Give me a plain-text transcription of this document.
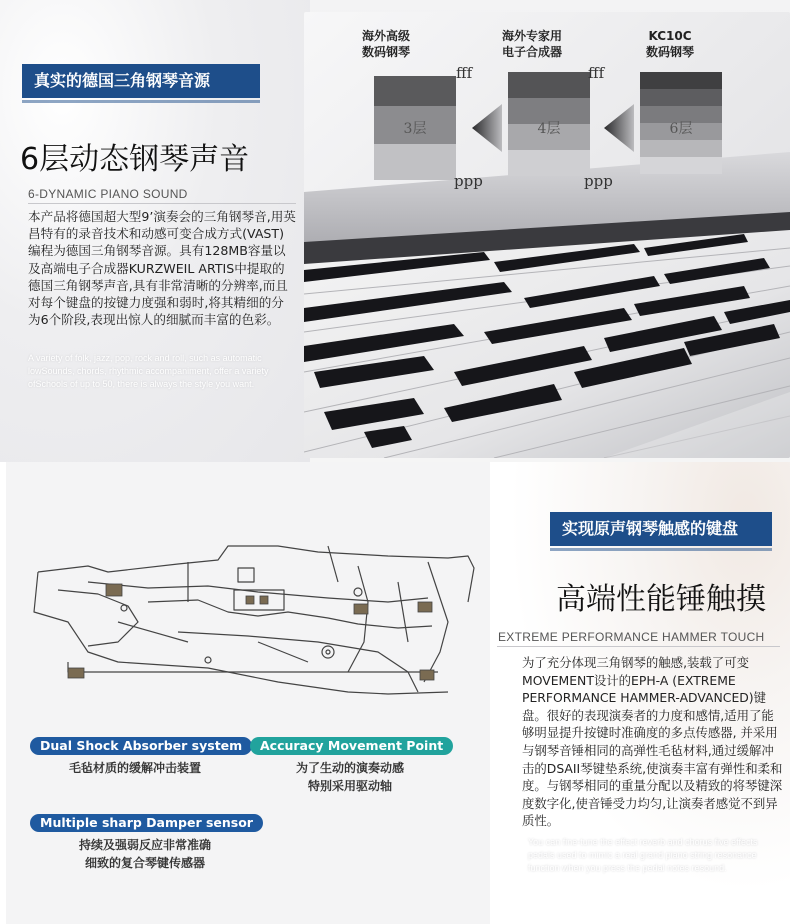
真实的德国三角钢琴音源
6层动态钢琴声音
6-DYNAMIC PIANO SOUND

本产品将德国超大型9’演奏会的三角钢琴音,用英昌特有的录音技术和动感可变合成方式(VAST)编程为德国三角钢琴音源。具有128MB容量以及高端电子合成器KURZWEIL ARTIS中提取的德国三角钢琴声音,具有非常清晰的分辨率,而且对每个键盘的按键力度强和弱时,将其精细的分为6个阶段,表现出惊人的细腻而丰富的色彩。

A variety of folk, jazz, pop, rock and roll, such as automatic lowSounds, chords, rhythmic accompaniment, offer a variety ofSchools of up to 50, there is always the style you want.

海外高级
数码钢琴
海外专家用
电子合成器
KC10C
数码钢琴
3层	4层	6层
fff
ppp
fff
ppp
Dual Shock Absorber system
毛毡材质的缓解冲击装置
Accuracy Movement Point
为了生动的演奏动感
特别采用驱动轴
Multiple sharp Damper sensor
持续及强弱反应非常准确
细致的复合琴键传感器
实现原声钢琴触感的键盘
高端性能锤触摸
EXTREME PERFORMANCE HAMMER TOUCH

为了充分体现三角钢琴的触感,装载了可变MOVEMENT设计的EPH-A (EXTREME PERFORMANCE HAMMER-ADVANCED)键盘。很好的表现演奏者的力度和感情,适用了能够明显提升按键时准确度的多点传感器, 并采用与钢琴音锤相同的高弹性毛毡材料,通过缓解冲击的DSAII琴键垫系统,使演奏丰富有弹性和柔和度。与钢琴相同的重量分配以及精致的将琴键深度数字化,使音锤受力均匀,让演奏者感觉不到异质性。

You can fine-tune the effect reverb and chorus five effects pedals used to mimic a real grand piano string resonance function when you press the pedal notes resound.
